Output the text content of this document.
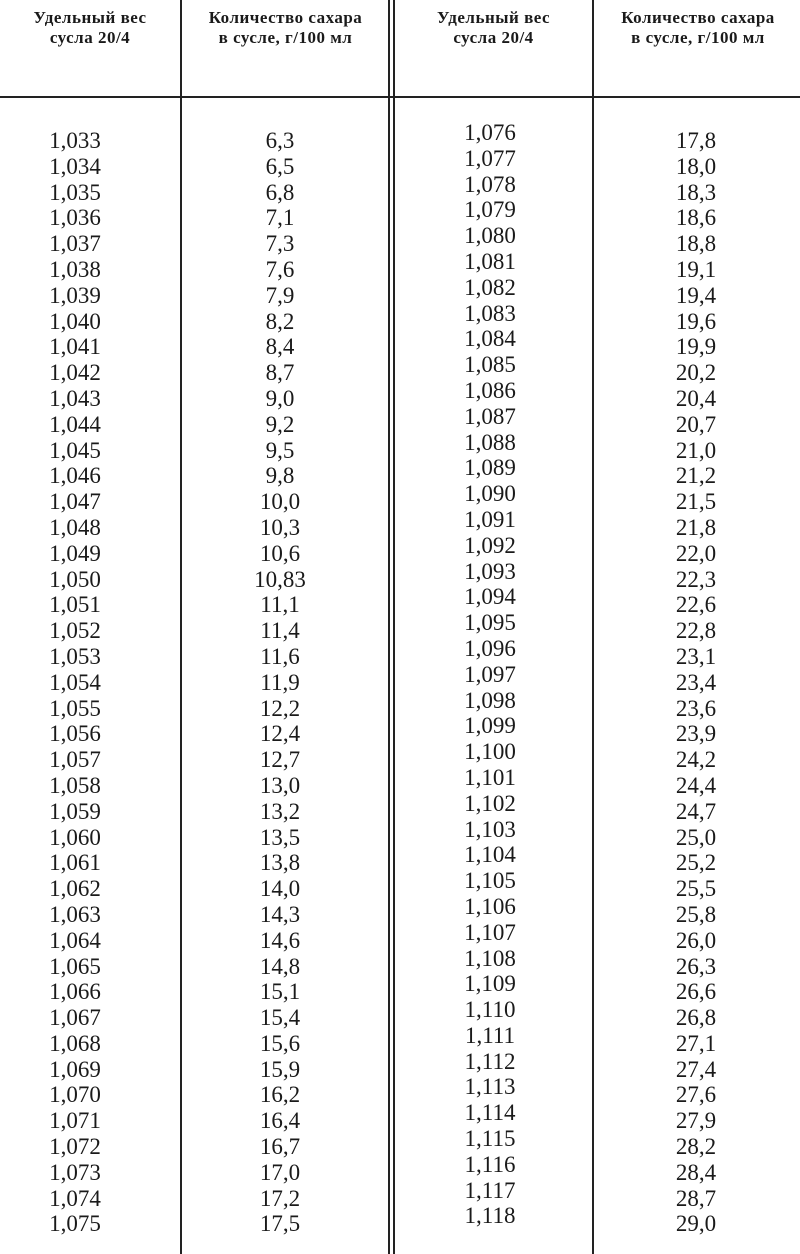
Удельный вес
сусла 20/4
Количество сахара
в сусле, г/100 мл
Удельный вес
сусла 20/4
Количество сахара
в сусле, г/100 мл
1,033
1,034
1,035
1,036
1,037
1,038
1,039
1,040
1,041
1,042
1,043
1,044
1,045
1,046
1,047
1,048
1,049
1,050
1,051
1,052
1,053
1,054
1,055
1,056
1,057
1,058
1,059
1,060
1,061
1,062
1,063
1,064
1,065
1,066
1,067
1,068
1,069
1,070
1,071
1,072
1,073
1,074
1,075
6,3
6,5
6,8
7,1
7,3
7,6
7,9
8,2
8,4
8,7
9,0
9,2
9,5
9,8
10,0
10,3
10,6
10,83
11,1
11,4
11,6
11,9
12,2
12,4
12,7
13,0
13,2
13,5
13,8
14,0
14,3
14,6
14,8
15,1
15,4
15,6
15,9
16,2
16,4
16,7
17,0
17,2
17,5
1,076
1,077
1,078
1,079
1,080
1,081
1,082
1,083
1,084
1,085
1,086
1,087
1,088
1,089
1,090
1,091
1,092
1,093
1,094
1,095
1,096
1,097
1,098
1,099
1,100
1,101
1,102
1,103
1,104
1,105
1,106
1,107
1,108
1,109
1,110
1,111
1,112
1,113
1,114
1,115
1,116
1,117
1,118
17,8
18,0
18,3
18,6
18,8
19,1
19,4
19,6
19,9
20,2
20,4
20,7
21,0
21,2
21,5
21,8
22,0
22,3
22,6
22,8
23,1
23,4
23,6
23,9
24,2
24,4
24,7
25,0
25,2
25,5
25,8
26,0
26,3
26,6
26,8
27,1
27,4
27,6
27,9
28,2
28,4
28,7
29,0
